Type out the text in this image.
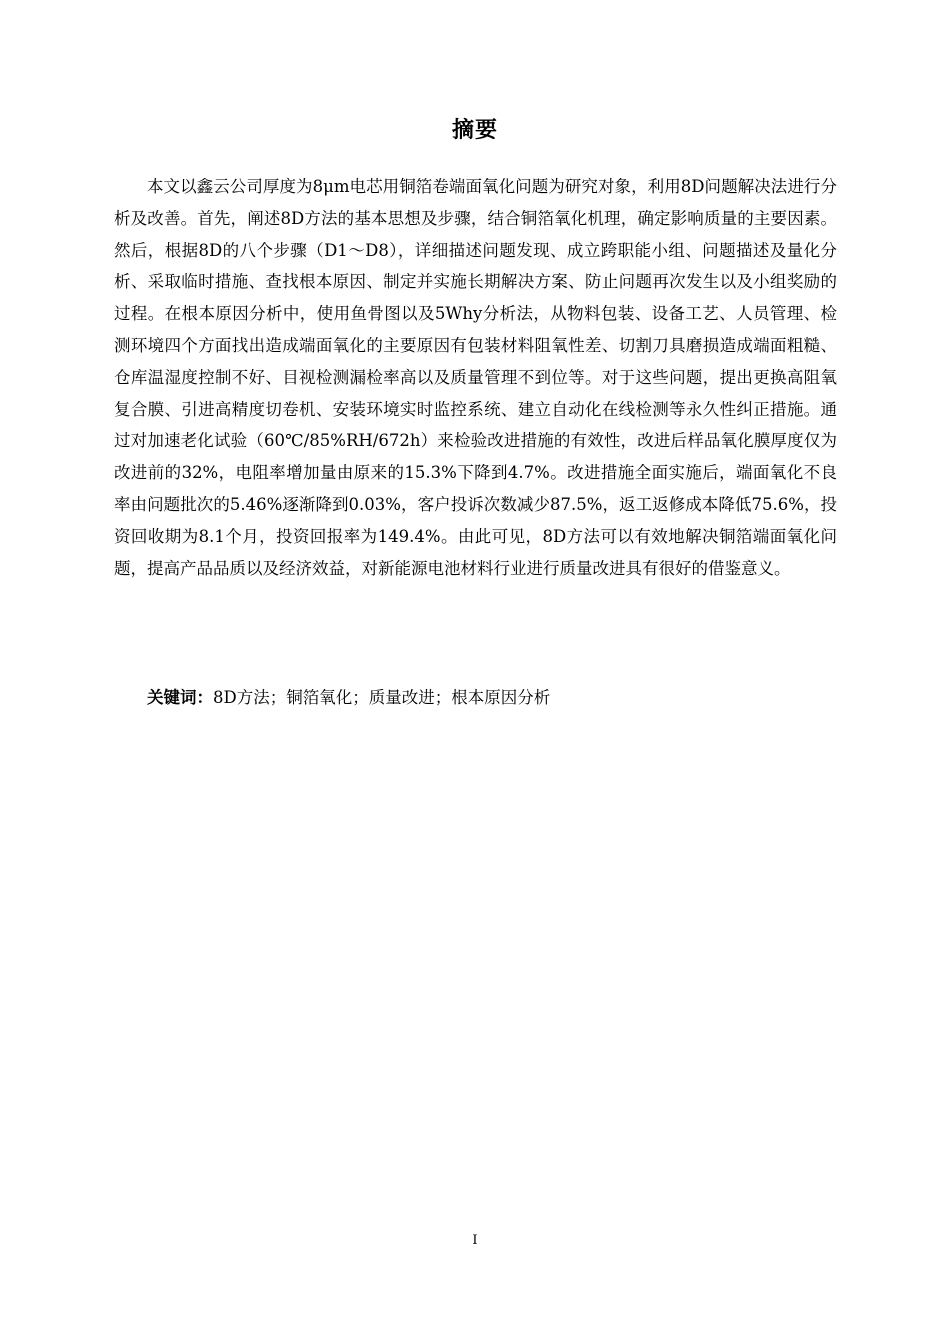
摘要

本文以鑫云公司厚度为8μm电芯用铜箔卷端面氧化问题为研究对象，利用8D问题解决法进行分析及改善。首先，阐述8D方法的基本思想及步骤，结合铜箔氧化机理，确定影响质量的主要因素。然后，根据8D的八个步骤（D1～D8），详细描述问题发现、成立跨职能小组、问题描述及量化分析、采取临时措施、查找根本原因、制定并实施长期解决方案、防止问题再次发生以及小组奖励的过程。在根本原因分析中，使用鱼骨图以及5Why分析法，从物料包装、设备工艺、人员管理、检测环境四个方面找出造成端面氧化的主要原因有包装材料阻氧性差、切割刀具磨损造成端面粗糙、仓库温湿度控制不好、目视检测漏检率高以及质量管理不到位等。对于这些问题，提出更换高阻氧复合膜、引进高精度切卷机、安装环境实时监控系统、建立自动化在线检测等永久性纠正措施。通过对加速老化试验（60℃/85%RH/672h）来检验改进措施的有效性，改进后样品氧化膜厚度仅为改进前的32%，电阻率增加量由原来的15.3%下降到4.7%。改进措施全面实施后，端面氧化不良率由问题批次的5.46%逐渐降到0.03%，客户投诉次数减少87.5%，返工返修成本降低75.6%，投资回收期为8.1个月，投资回报率为149.4%。由此可见，8D方法可以有效地解决铜箔端面氧化问题，提高产品品质以及经济效益，对新能源电池材料行业进行质量改进具有很好的借鉴意义。

关键词：8D方法；铜箔氧化；质量改进；根本原因分析

I
